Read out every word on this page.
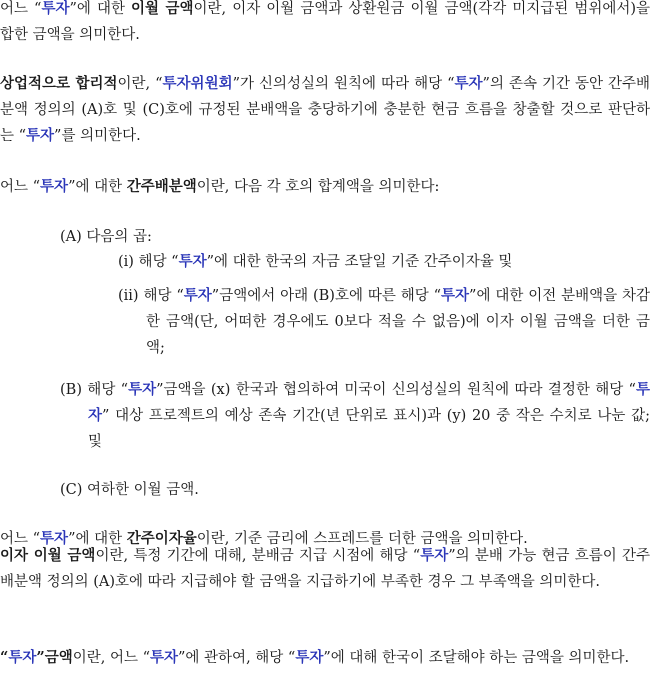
어느 “투자”에 대한 이월 금액이란, 이자 이월 금액과 상환원금 이월 금액(각각 미지급된 범위에서)을 합한 금액을 의미한다.
상업적으로 합리적이란, “투자위원회”가 신의성실의 원칙에 따라 해당 “투자”의 존속 기간 동안 간주배분액 정의의 (A)호 및 (C)호에 규정된 분배액을 충당하기에 충분한 현금 흐름을 창출할 것으로 판단하는 “투자”를 의미한다.
어느 “투자”에 대한 간주배분액이란, 다음 각 호의 합계액을 의미한다:
(A) 다음의 곱:
(i) 해당 “투자”에 대한 한국의 자금 조달일 기준 간주이자율 및
(ii) 해당 “투자”금액에서 아래 (B)호에 따른 해당 “투자”에 대한 이전 분배액을 차감한 금액(단, 어떠한 경우에도 0보다 적을 수 없음)에 이자 이월 금액을 더한 금액;
(B) 해당 “투자”금액을 (x) 한국과 협의하여 미국이 신의성실의 원칙에 따라 결정한 해당 “투자” 대상 프로젝트의 예상 존속 기간(년 단위로 표시)과 (y) 20 중 작은 수치로 나눈 값; 및
(C) 여하한 이월 금액.
어느 “투자”에 대한 간주이자율이란, 기준 금리에 스프레드를 더한 금액을 의미한다.
이자 이월 금액이란, 특정 기간에 대해, 분배금 지급 시점에 해당 “투자”의 분배 가능 현금 흐름이 간주배분액 정의의 (A)호에 따라 지급해야 할 금액을 지급하기에 부족한 경우 그 부족액을 의미한다.
“투자”금액이란, 어느 “투자”에 관하여, 해당 “투자”에 대해 한국이 조달해야 하는 금액을 의미한다.
